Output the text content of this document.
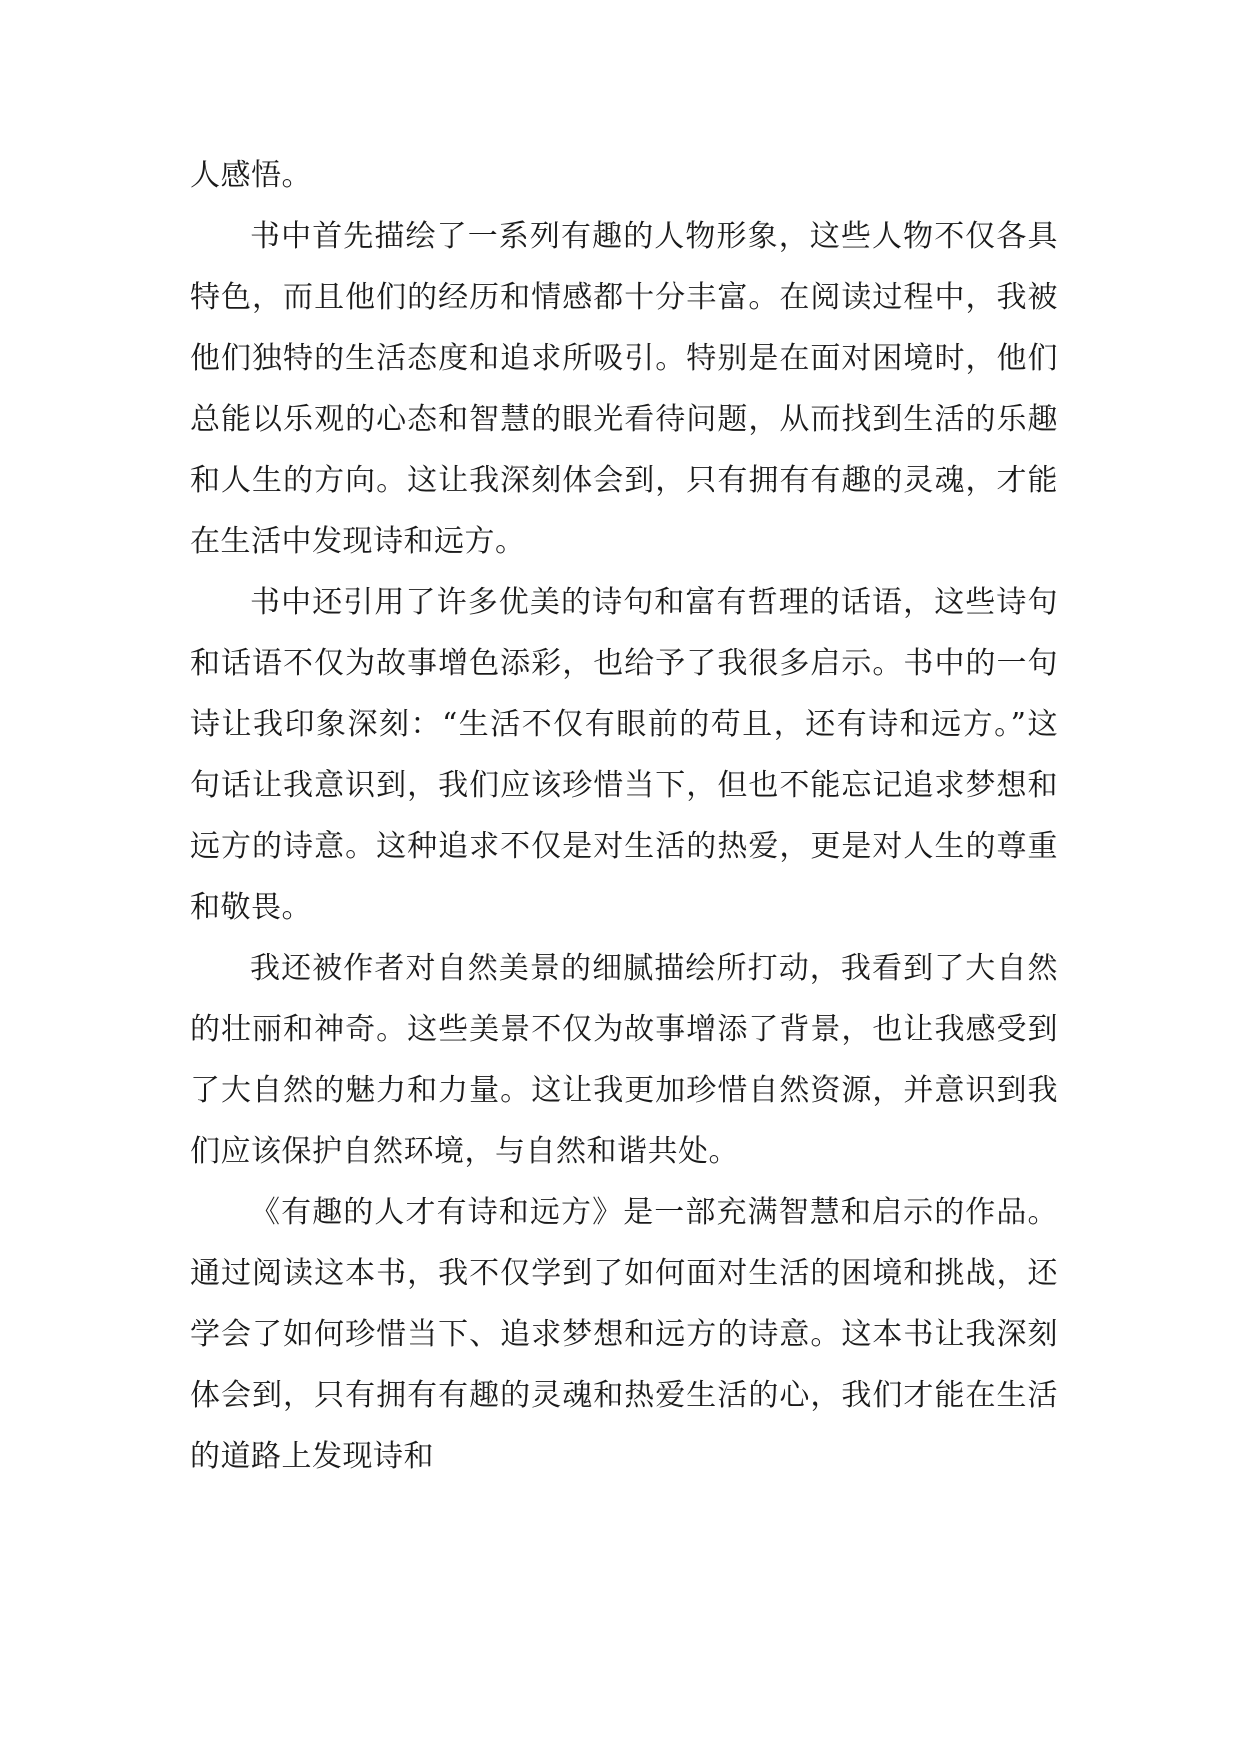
人感悟。

书中首先描绘了一系列有趣的人物形象，这些人物不仅各具特色，而且他们的经历和情感都十分丰富。在阅读过程中，我被他们独特的生活态度和追求所吸引。特别是在面对困境时，他们总能以乐观的心态和智慧的眼光看待问题，从而找到生活的乐趣和人生的方向。这让我深刻体会到，只有拥有有趣的灵魂，才能在生活中发现诗和远方。

书中还引用了许多优美的诗句和富有哲理的话语，这些诗句和话语不仅为故事增色添彩，也给予了我很多启示。书中的一句诗让我印象深刻：“生活不仅有眼前的苟且，还有诗和远方。”这句话让我意识到，我们应该珍惜当下，但也不能忘记追求梦想和远方的诗意。这种追求不仅是对生活的热爱，更是对人生的尊重和敬畏。

我还被作者对自然美景的细腻描绘所打动，我看到了大自然的壮丽和神奇。这些美景不仅为故事增添了背景，也让我感受到了大自然的魅力和力量。这让我更加珍惜自然资源，并意识到我们应该保护自然环境，与自然和谐共处。

《有趣的人才有诗和远方》是一部充满智慧和启示的作品。通过阅读这本书，我不仅学到了如何面对生活的困境和挑战，还学会了如何珍惜当下、追求梦想和远方的诗意。这本书让我深刻体会到，只有拥有有趣的灵魂和热爱生活的心，我们才能在生活的道路上发现诗和
